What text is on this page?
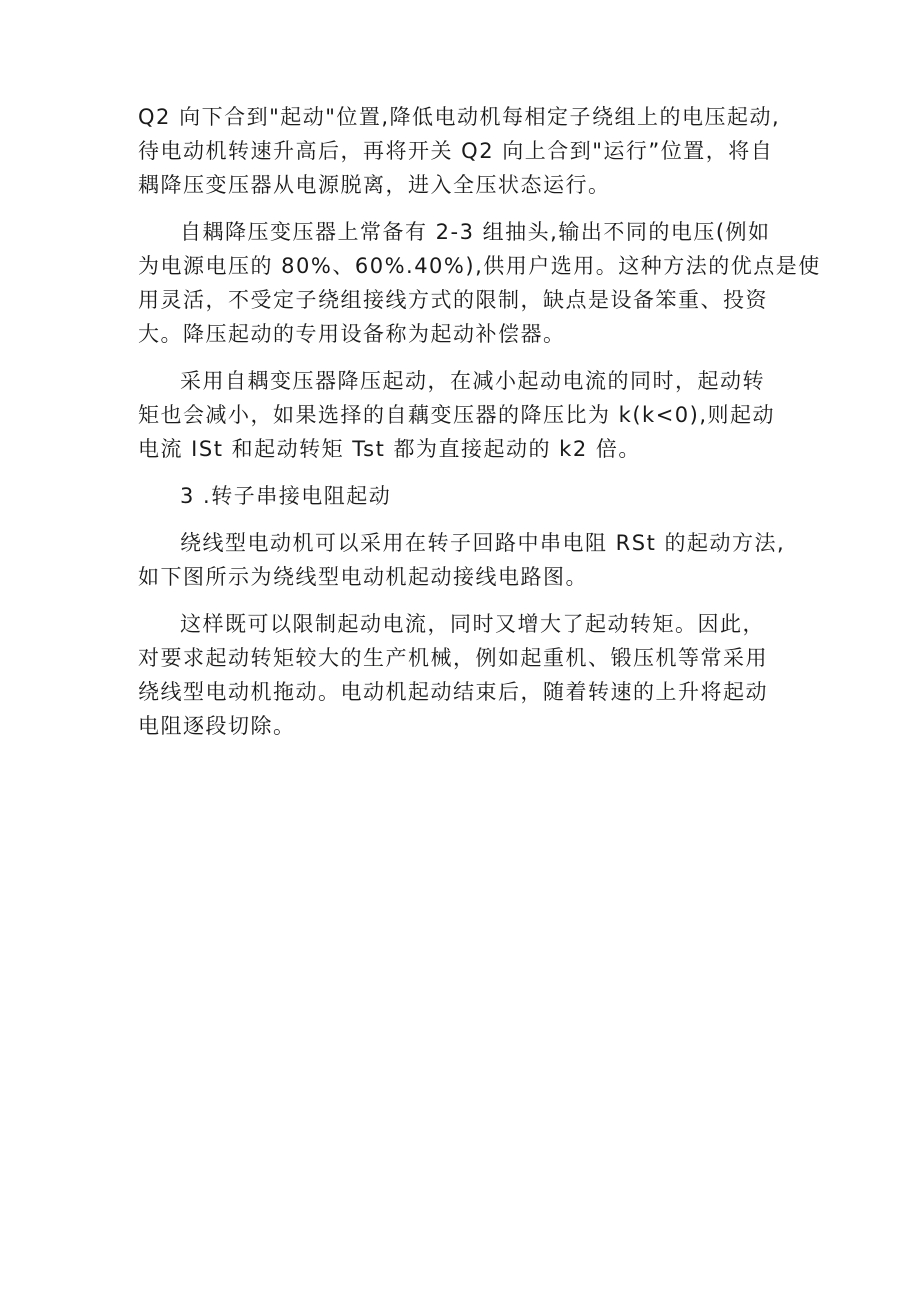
Q2 向下合到"起动"位置,降低电动机每相定子绕组上的电压起动,
待电动机转速升高后，再将开关 Q2 向上合到"运行”位置，将自
耦降压变压器从电源脱离，进入全压状态运行。

自耦降压变压器上常备有 2-3 组抽头,输出不同的电压(例如
为电源电压的 80%、60%.40%),供用户选用。这种方法的优点是使
用灵活，不受定子绕组接线方式的限制，缺点是设备笨重、投资
大。降压起动的专用设备称为起动补偿器。

采用自耦变压器降压起动，在减小起动电流的同时，起动转
矩也会减小，如果选择的自藕变压器的降压比为 k(k<0),则起动
电流 ISt 和起动转矩 Tst 都为直接起动的 k2 倍。

3 .转子串接电阻起动

绕线型电动机可以采用在转子回路中串电阻 RSt 的起动方法,
如下图所示为绕线型电动机起动接线电路图。

这样既可以限制起动电流，同时又增大了起动转矩。因此，
对要求起动转矩较大的生产机械，例如起重机、锻压机等常采用
绕线型电动机拖动。电动机起动结束后，随着转速的上升将起动
电阻逐段切除。
